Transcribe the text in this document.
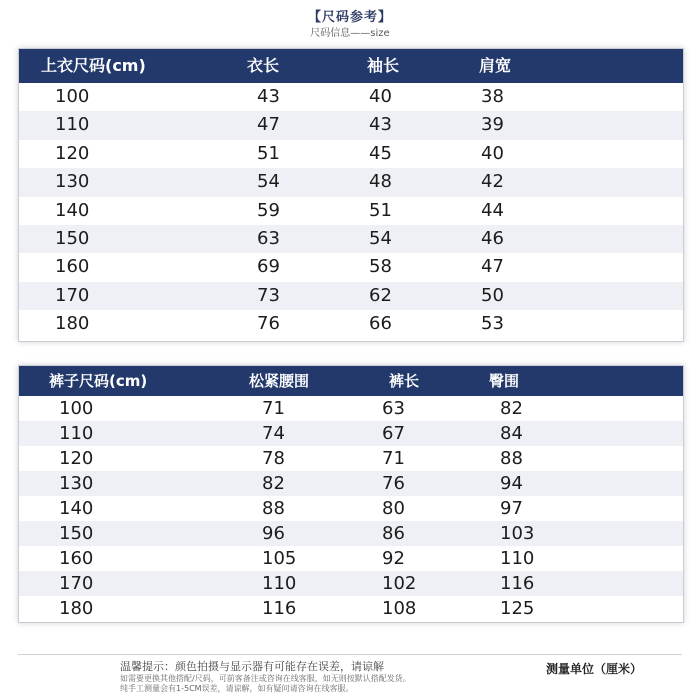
【尺码参考】
尺码信息——size
上衣尺码(cm)	衣长	袖长	肩宽
100	43	40	38
110	47	43	39
120	51	45	40
130	54	48	42
140	59	51	44
150	63	54	46
160	69	58	47
170	73	62	50
180	76	66	53
裤子尺码(cm)	松紧腰围	裤长	臀围
100	71	63	82
110	74	67	84
120	78	71	88
130	82	76	94
140	88	80	97
150	96	86	103
160	105	92	110
170	110	102	116
180	116	108	125
温馨提示：颜色拍摄与显示器有可能存在误差，请谅解
如需要更换其他搭配/尺码，可前客备注或咨询在线客服，如无则按默认搭配发货。
纯手工测量会有1-5CM误差，请谅解，如有疑问请咨询在线客服。
测量单位（厘米）
